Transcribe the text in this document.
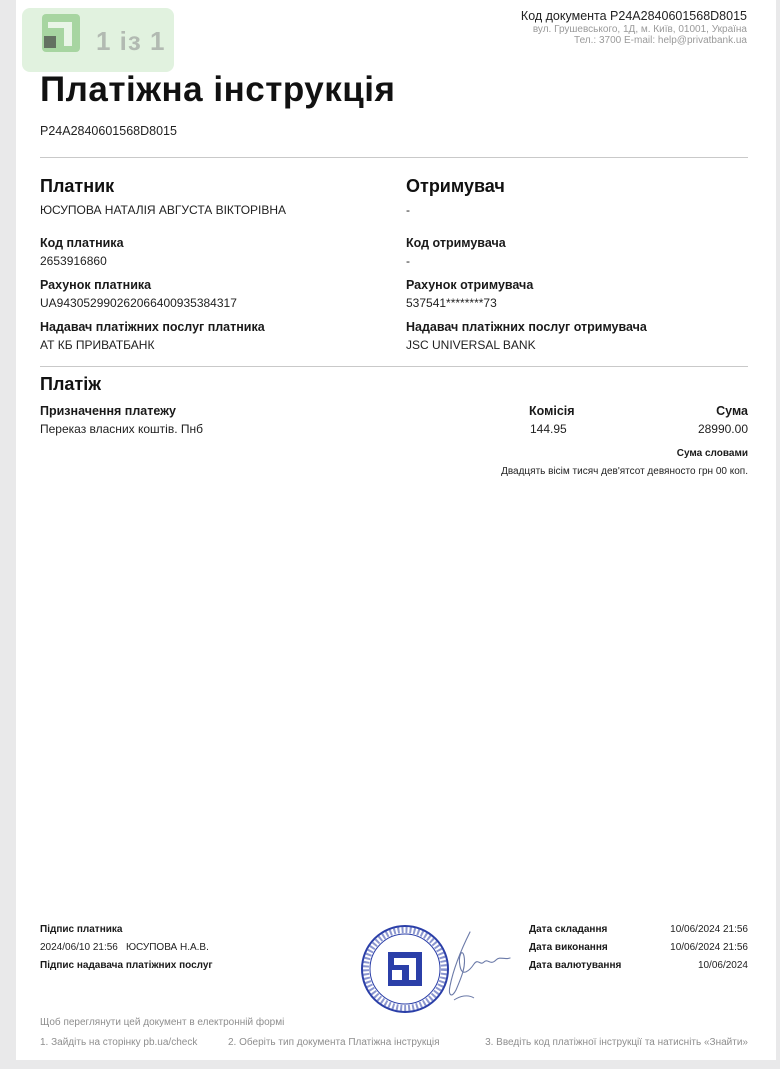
1 із 1
Код документа P24A2840601568D8015
вул. Грушевського, 1Д, м. Київ, 01001, Україна
Тел.: 3700 E-mail: help@privatbank.ua
Платіжна інструкція
P24A2840601568D8015
Платник
ЮСУПОВА НАТАЛІЯ АВГУСТА ВІКТОРІВНА
Код платника
2653916860
Рахунок платника
UA943052990262066400935384317
Надавач платіжних послуг платника
АТ КБ ПРИВАТБАНК
Отримувач
-
Код отримувача
-
Рахунок отримувача
537541********73
Надавач платіжних послуг отримувача
JSC UNIVERSAL BANK
Платіж
Призначення платежу
Переказ власних коштів. Пнб
Комісія
144.95
Сума
28990.00
Сума словами
Двадцять вісім тисяч дев'ятсот девяносто грн 00 коп.
Підпис платника
2024/06/10 21:56 ЮСУПОВА Н.А.В.
Підпис надавача платіжних послуг
Дата складання	10/06/2024 21:56
Дата виконання	10/06/2024 21:56
Дата валютування	10/06/2024
Щоб переглянути цей документ в електронній формі
1. Зайдіть на сторінку pb.ua/check	2. Оберіть тип документа Платіжна інструкція	3. Введіть код платіжної інструкції та натисніть «Знайти»
